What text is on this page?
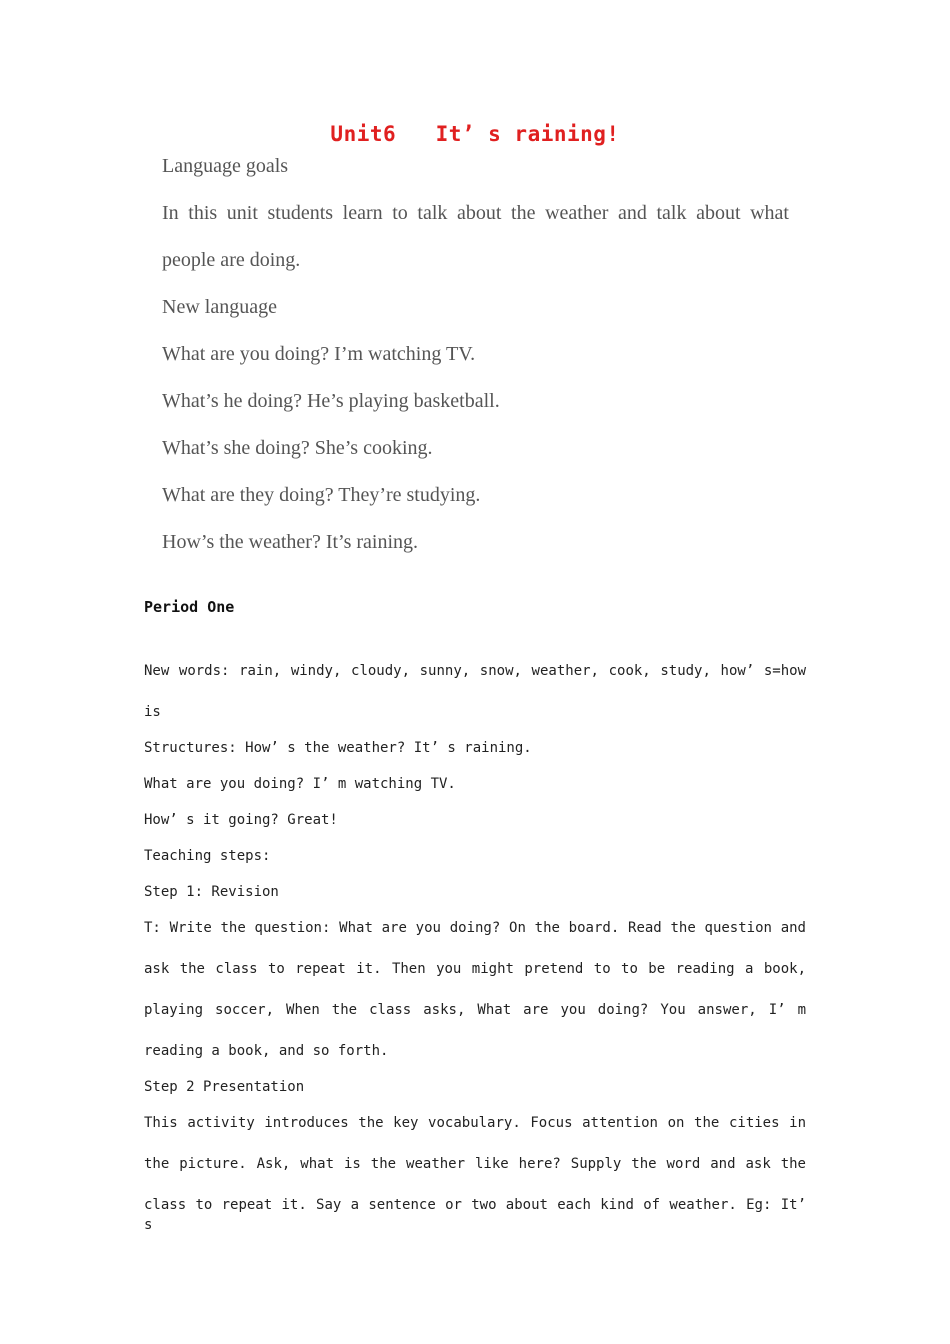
Unit6   It’ s raining!
Language goals
In this unit students learn to talk about the weather and talk about what
people are doing.
New language
What are you doing? I’m watching TV.
What’s he doing? He’s playing basketball.
What’s she doing? She’s cooking.
What are they doing? They’re studying.
How’s the weather? It’s raining.
Period One
New words: rain, windy, cloudy, sunny, snow, weather, cook, study, how’ s=how
is
Structures: How’ s the weather? It’ s raining.
What are you doing? I’ m watching TV.
How’ s it going? Great!
Teaching steps:
Step 1: Revision
T: Write the question: What are you doing? On the board. Read the question and
ask the class to repeat it. Then you might pretend to to be reading a book,
playing soccer, When the class asks, What are you doing? You answer, I’ m
reading a book, and so forth.
Step 2 Presentation
This activity introduces the key vocabulary. Focus attention on the cities in
the picture. Ask, what is the weather like here? Supply the word and ask the
class to repeat it. Say a sentence or two about each kind of weather. Eg: It’ s
